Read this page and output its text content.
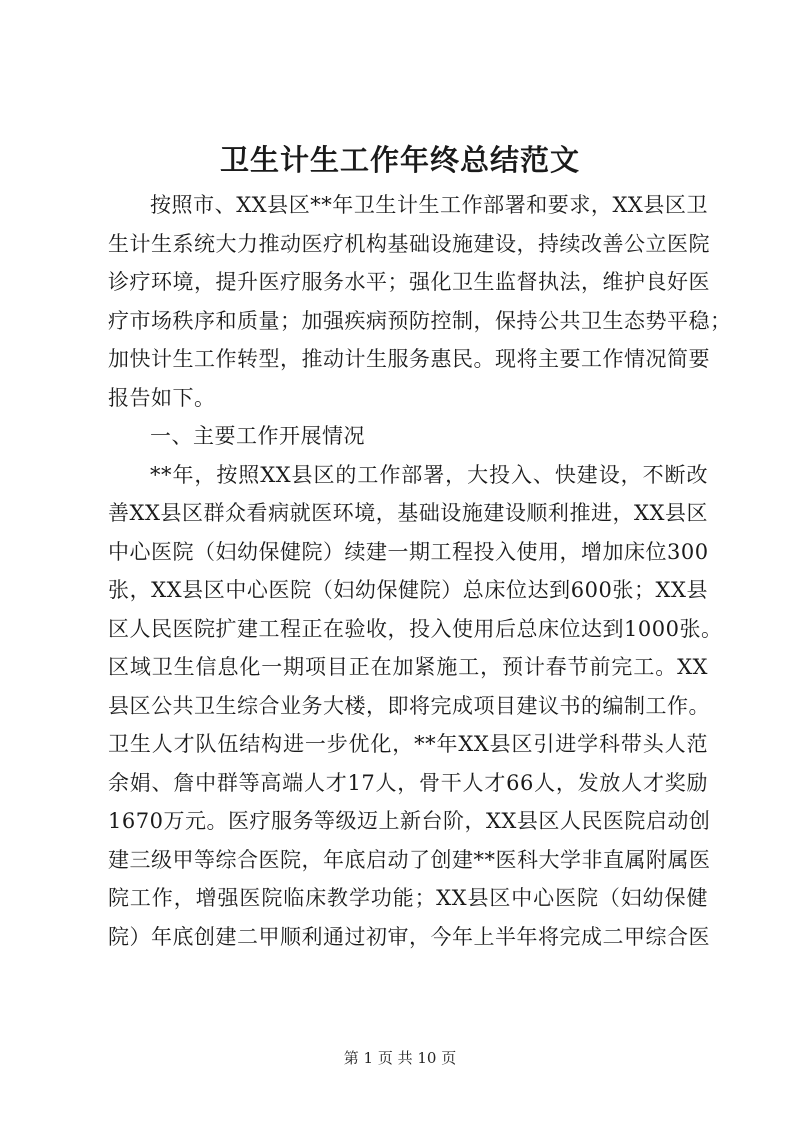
卫生计生工作年终总结范文
按照市、XX县区**年卫生计生工作部署和要求，XX县区卫
生计生系统大力推动医疗机构基础设施建设，持续改善公立医院
诊疗环境，提升医疗服务水平；强化卫生监督执法，维护良好医
疗市场秩序和质量；加强疾病预防控制，保持公共卫生态势平稳；
加快计生工作转型，推动计生服务惠民。现将主要工作情况简要
报告如下。
一、主要工作开展情况
**年，按照XX县区的工作部署，大投入、快建设，不断改
善XX县区群众看病就医环境，基础设施建设顺利推进，XX县区
中心医院（妇幼保健院）续建一期工程投入使用，增加床位300
张，XX县区中心医院（妇幼保健院）总床位达到600张；XX县
区人民医院扩建工程正在验收，投入使用后总床位达到1000张。
区域卫生信息化一期项目正在加紧施工，预计春节前完工。XX
县区公共卫生综合业务大楼，即将完成项目建议书的编制工作。
卫生人才队伍结构进一步优化，**年XX县区引进学科带头人范
余娟、詹中群等高端人才17人，骨干人才66人，发放人才奖励
1670万元。医疗服务等级迈上新台阶，XX县区人民医院启动创
建三级甲等综合医院，年底启动了创建**医科大学非直属附属医
院工作，增强医院临床教学功能；XX县区中心医院（妇幼保健
院）年底创建二甲顺利通过初审，今年上半年将完成二甲综合医
第 1 页 共 10 页
